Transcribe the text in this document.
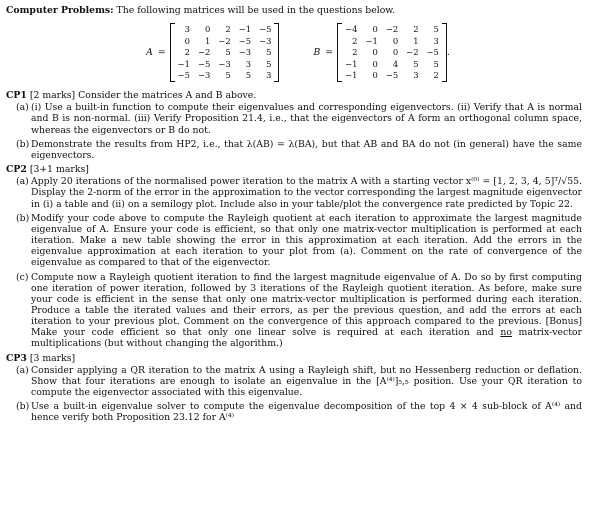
Computer Problems: The following matrices will be used in the questions below.

A =
3	0	2	−1	−5
0	1	−2	−5	−3
2	−2	5	−3	5
−1	−5	−3	3	5
−5	−3	5	5	3
B =
−4	0	−2	2	5
2	−1	0	1	3
2	0	0	−2	−5
−1	0	4	5	5
−1	0	−5	3	2
.
CP1 [2 marks] Consider the matrices A and B above.
(a) (i) Use a built-in function to compute their eigenvalues and corresponding eigenvectors. (ii) Verify that A is normal and B is non-normal. (iii) Verify Proposition 21.4, i.e., that the eigenvectors of A form an orthogonal column space, whereas the eigenvectors or B do not.
(b) Demonstrate the results from HP2, i.e., that λ(AB) = λ(BA), but that AB and BA do not (in general) have the same eigenvectors.
CP2 [3+1 marks]
(a) Apply 20 iterations of the normalised power iteration to the matrix A with a starting vector x⁽⁰⁾ = [1, 2, 3, 4, 5]ᵀ/√55. Display the 2-norm of the error in the approximation to the vector corresponding the largest magnitude eigenvector in (i) a table and (ii) on a semilogy plot. Include also in your table/plot the convergence rate predicted by Topic 22.
(b) Modify your code above to compute the Rayleigh quotient at each iteration to approximate the largest magnitude eigenvalue of A. Ensure your code is efficient, so that only one matrix-vector multiplication is performed at each iteration. Make a new table showing the error in this approximation at each iteration. Add the errors in the eigenvalue approximation at each iteration to your plot from (a). Comment on the rate of convergence of the eigenvalue as compared to that of the eigenvector.
(c) Compute now a Rayleigh quotient iteration to find the largest magnitude eigenvalue of A. Do so by first computing one iteration of power iteration, followed by 3 iterations of the Rayleigh quotient iteration. As before, make sure your code is efficient in the sense that only one matrix-vector multiplication is performed during each iteration. Produce a table the iterated values and their errors, as per the previous question, and add the errors at each iteration to your previous plot. Comment on the convergence of this approach compared to the previous. [Bonus] Make your code efficient so that only one linear solve is required at each iteration and no matrix-vector multiplications (but without changing the algorithm.)
CP3 [3 marks]
(a) Consider applying a QR iteration to the matrix A using a Rayleigh shift, but no Hessenberg reduction or deflation. Show that four iterations are enough to isolate an eigenvalue in the [A⁽⁴⁾]₅,₅ position. Use your QR iteration to compute the eigenvector associated with this eigenvalue.
(b) Use a built-in eigenvalue solver to compute the eigenvalue decomposition of the top 4 × 4 sub-block of A⁽⁴⁾ and hence verify both Proposition 23.12 for A⁽⁴⁾
